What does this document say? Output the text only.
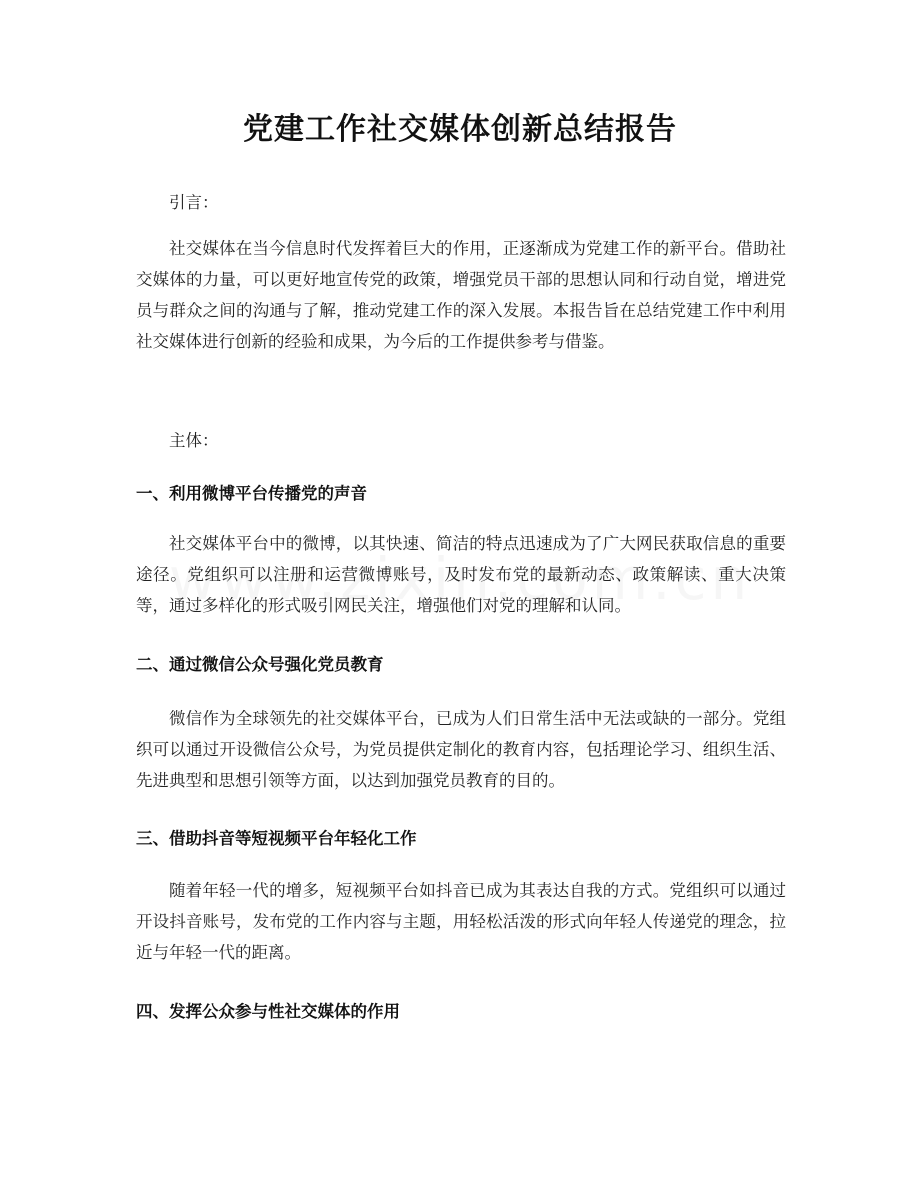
党建工作社交媒体创新总结报告
引言：
社交媒体在当今信息时代发挥着巨大的作用，正逐渐成为党建工作的新平台。借助社交媒体的力量，可以更好地宣传党的政策，增强党员干部的思想认同和行动自觉，增进党员与群众之间的沟通与了解，推动党建工作的深入发展。本报告旨在总结党建工作中利用社交媒体进行创新的经验和成果，为今后的工作提供参考与借鉴。
主体：
一、利用微博平台传播党的声音
社交媒体平台中的微博，以其快速、简洁的特点迅速成为了广大网民获取信息的重要途径。党组织可以注册和运营微博账号，及时发布党的最新动态、政策解读、重大决策等，通过多样化的形式吸引网民关注，增强他们对党的理解和认同。
二、通过微信公众号强化党员教育
微信作为全球领先的社交媒体平台，已成为人们日常生活中无法或缺的一部分。党组织可以通过开设微信公众号，为党员提供定制化的教育内容，包括理论学习、组织生活、先进典型和思想引领等方面，以达到加强党员教育的目的。
三、借助抖音等短视频平台年轻化工作
随着年轻一代的增多，短视频平台如抖音已成为其表达自我的方式。党组织可以通过开设抖音账号，发布党的工作内容与主题，用轻松活泼的形式向年轻人传递党的理念，拉近与年轻一代的距离。
四、发挥公众参与性社交媒体的作用
